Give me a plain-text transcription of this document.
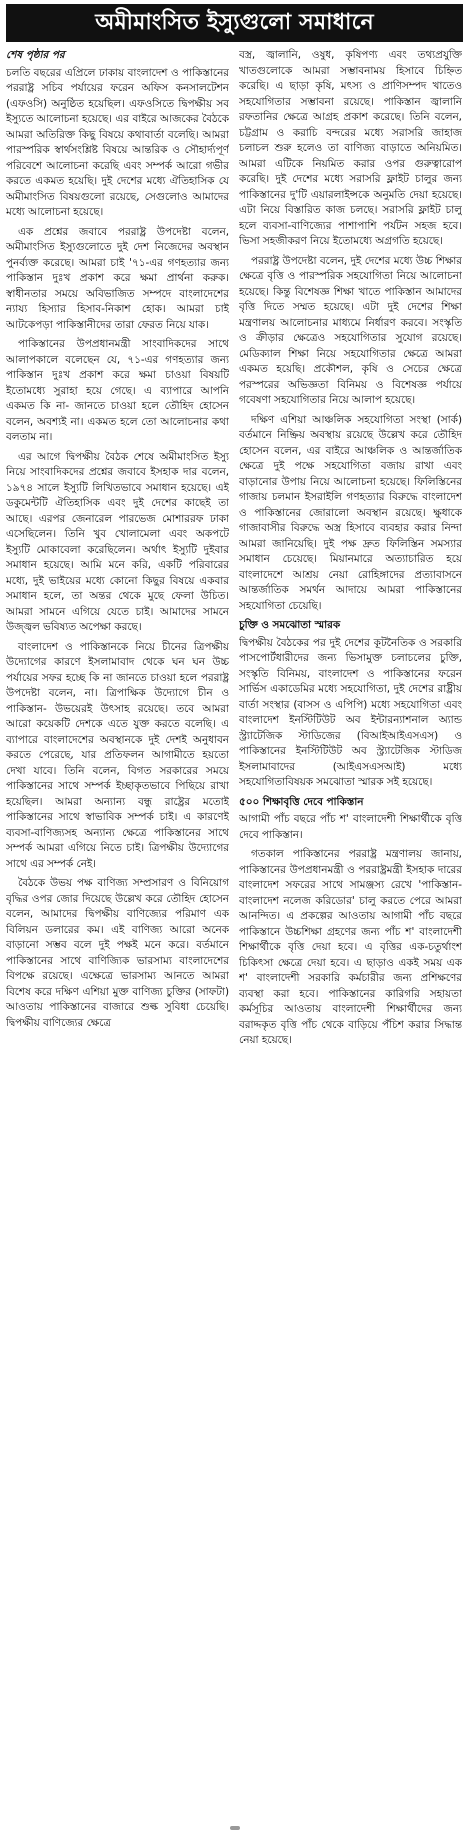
অমীমাংসিত ইস্যুগুলো সমাধানে
শেষ পৃষ্ঠার পর

চলতি বছরের এপ্রিলে ঢাকায় বাংলাদেশ ও পাকিস্তানের পররাষ্ট্র সচিব পর্যায়ের ফরেন অফিস কনসালটেশন (এফওসি) অনুষ্ঠিত হয়েছিল। এফওসিতে দ্বিপক্ষীয় সব ইস্যুতে আলোচনা হয়েছে। এর বাইরে আজকের বৈঠকে আমরা অতিরিক্ত কিছু বিষয়ে কথাবার্তা বলেছি। আমরা পারস্পরিক স্বার্থসংশ্লিষ্ট বিষয়ে আন্তরিক ও সৌহার্দ্যপূর্ণ পরিবেশে আলোচনা করেছি এবং সম্পর্ক আরো গভীর করতে একমত হয়েছি। দুই দেশের মধ্যে ঐতিহাসিক যে অমীমাংসিত বিষয়গুলো রয়েছে, সেগুলোও আমাদের মধ্যে আলোচনা হয়েছে।

এক প্রশ্নের জবাবে পররাষ্ট্র উপদেষ্টা বলেন, অমীমাংসিত ইস্যুগুলোতে দুই দেশ নিজেদের অবস্থান পুনর্ব্যক্ত করেছে। আমরা চাই '৭১-এর গণহত্যার জন্য পাকিস্তান দুঃখ প্রকাশ করে ক্ষমা প্রার্থনা করুক। স্বাধীনতার সময়ে অবিভাজিত সম্পদে বাংলাদেশের ন্যায্য হিস্যার হিসাব-নিকাশ হোক। আমরা চাই আটকেপড়া পাকিস্তানীদের তারা ফেরত নিয়ে যাক।

পাকিস্তানের উপপ্রধানমন্ত্রী সাংবাদিকদের সাথে আলাপকালে বলেছেন যে, ৭১-এর গণহত্যার জন্য পাকিস্তান দুঃখ প্রকাশ করে ক্ষমা চাওয়া বিষয়টি ইতোমধ্যে সুরাহা হয়ে গেছে। এ ব্যাপারে আপনি একমত কি না- জানতে চাওয়া হলে তৌহিদ হোসেন বলেন, অবশ্যই না। একমত হলে তো আলোচনার কথা বলতাম না।

এর আগে দ্বিপক্ষীয় বৈঠক শেষে অমীমাংসিত ইস্যু নিয়ে সাংবাদিকদের প্রশ্নের জবাবে ইসহাক দার বলেন, ১৯৭৪ সালে ইস্যুটি লিখিতভাবে সমাধান হয়েছে। এই ডকুমেন্টটি ঐতিহাসিক এবং দুই দেশের কাছেই তা আছে। এরপর জেনারেল পারভেজ মোশাররফ ঢাকা এসেছিলেন। তিনি খুব খোলামেলা এবং অকপটে ইস্যুটি মোকাবেলা করেছিলেন। অর্থাৎ ইস্যুটি দুইবার সমাধান হয়েছে। আমি মনে করি, একটি পরিবারের মধ্যে, দুই ভাইয়ের মধ্যে কোনো কিছুর বিষয়ে একবার সমাধান হলে, তা অন্তর থেকে মুছে ফেলা উচিত। আমরা সামনে এগিয়ে যেতে চাই। আমাদের সামনে উজ্জ্বল ভবিষ্যত অপেক্ষা করছে।

বাংলাদেশ ও পাকিস্তানকে নিয়ে চীনের ত্রিপক্ষীয় উদ্যোগের কারণে ইসলামাবাদ থেকে ঘন ঘন উচ্চ পর্যায়ের সফর হচ্ছে কি না জানতে চাওয়া হলে পররাষ্ট্র উপদেষ্টা বলেন, না। ত্রিপাক্ষিক উদ্যোগে চীন ও পাকিস্তান- উভয়েরই উৎসাহ রয়েছে। তবে আমরা আরো কয়েকটি দেশকে এতে যুক্ত করতে বলেছি। এ ব্যাপারে বাংলাদেশের অবস্থানকে দুই দেশই অনুধাবন করতে পেরেছে, যার প্রতিফলন আগামীতে হয়তো দেখা যাবে। তিনি বলেন, বিগত সরকারের সময়ে পাকিস্তানের সাথে সম্পর্ক ইচ্ছাকৃতভাবে পিছিয়ে রাখা হয়েছিল। আমরা অন্যান্য বন্ধু রাষ্ট্রের মতোই পাকিস্তানের সাথে স্বাভাবিক সম্পর্ক চাই। এ কারণেই ব্যবসা-বাণিজ্যসহ অন্যান্য ক্ষেত্রে পাকিস্তানের সাথে সম্পর্ক আমরা এগিয়ে নিতে চাই। ত্রিপক্ষীয় উদ্যোগের সাথে এর সম্পর্ক নেই।

বৈঠকে উভয় পক্ষ বাণিজ্য সম্প্রসারণ ও বিনিয়োগ বৃদ্ধির ওপর জোর দিয়েছে উল্লেখ করে তৌহিদ হোসেন বলেন, আমাদের দ্বিপক্ষীয় বাণিজ্যের পরিমাণ এক বিলিয়ন ডলারের কম। এই বাণিজ্য আরো অনেক বাড়ানো সম্ভব বলে দুই পক্ষই মনে করে। বর্তমানে পাকিস্তানের সাথে বাণিজ্যিক ভারসাম্য বাংলাদেশের বিপক্ষে রয়েছে। এক্ষেত্রে ভারসাম্য আনতে আমরা বিশেষ করে দক্ষিণ এশিয়া মুক্ত বাণিজ্য চুক্তির (সাফটা) আওতায় পাকিস্তানের বাজারে শুল্ক সুবিধা চেয়েছি। দ্বিপক্ষীয় বাণিজ্যের ক্ষেত্রে

বস্ত্র, জ্বালানি, ওষুধ, কৃষিপণ্য এবং তথ্যপ্রযুক্তি খাতগুলোকে আমরা সম্ভাবনাময় হিসাবে চিহ্নিত করেছি। এ ছাড়া কৃষি, মৎস্য ও প্রাণিসম্পদ খাতেও সহযোগিতার সম্ভাবনা রয়েছে। পাকিস্তান জ্বালানি রফতানির ক্ষেত্রে আগ্রহ প্রকাশ করেছে। তিনি বলেন, চট্টগ্রাম ও করাচি বন্দরের মধ্যে সরাসরি জাহাজ চলাচল শুরু হলেও তা বাণিজ্য বাড়াতে অনিয়মিত। আমরা এটিকে নিয়মিত করার ওপর গুরুত্বারোপ করেছি। দুই দেশের মধ্যে সরাসরি ফ্লাইট চালুর জন্য পাকিস্তানের দু'টি এয়ারলাইন্সকে অনুমতি দেয়া হয়েছে। এটা নিয়ে বিস্তারিত কাজ চলছে। সরাসরি ফ্লাইট চালু হলে ব্যবসা-বাণিজ্যের পাশাপাশি পর্যটন সহজ হবে। ভিসা সহজীকরণ নিয়ে ইতোমধ্যে অগ্রগতি হয়েছে।

পররাষ্ট্র উপদেষ্টা বলেন, দুই দেশের মধ্যে উচ্চ শিক্ষার ক্ষেত্রে বৃত্তি ও পারস্পরিক সহযোগিতা নিয়ে আলোচনা হয়েছে। কিন্তু বিশেষজ্ঞ শিক্ষা খাতে পাকিস্তান আমাদের বৃত্তি দিতে সম্মত হয়েছে। এটা দুই দেশের শিক্ষা মন্ত্রণালয় আলোচনার মাধ্যমে নির্ধারণ করবে। সংস্কৃতি ও ক্রীড়ার ক্ষেত্রেও সহযোগিতার সুযোগ রয়েছে। মেডিক্যাল শিক্ষা নিয়ে সহযোগিতার ক্ষেত্রে আমরা একমত হয়েছি। প্রকৌশল, কৃষি ও সেচের ক্ষেত্রে পরস্পরের অভিজ্ঞতা বিনিময় ও বিশেষজ্ঞ পর্যায়ে গবেষণা সহযোগিতার নিয়ে আলাপ হয়েছে।

দক্ষিণ এশিয়া আঞ্চলিক সহযোগিতা সংস্থা (সার্ক) বর্তমানে নিষ্ক্রিয় অবস্থায় রয়েছে উল্লেখ করে তৌহিদ হোসেন বলেন, এর বাইরে আঞ্চলিক ও আন্তর্জাতিক ক্ষেত্রে দুই পক্ষে সহযোগিতা বজায় রাখা এবং বাড়ানোর উপায় নিয়ে আলোচনা হয়েছে। ফিলিস্তিনের গাজায় চলমান ইসরাইলি গণহত্যার বিরুদ্ধে বাংলাদেশ ও পাকিস্তানের জোরালো অবস্থান রয়েছে। ক্ষুধাকে গাজাবাসীর বিরুদ্ধে অস্ত্র হিসাবে ব্যবহার করার নিন্দা আমরা জানিয়েছি। দুই পক্ষ দ্রুত ফিলিস্তিন সমস্যার সমাধান চেয়েছে। মিয়ানমারে অত্যাচারিত হয়ে বাংলাদেশে আশ্রয় নেয়া রোহিঙ্গাদের প্রত্যাবাসনে আন্তর্জাতিক সমর্থন আদায়ে আমরা পাকিস্তানের সহযোগিতা চেয়েছি।

চুক্তি ও সমঝোতা স্মারক
দ্বিপক্ষীয় বৈঠকের পর দুই দেশের কূটনৈতিক ও সরকারি পাসপোর্টধারীদের জন্য ভিসামুক্ত চলাচলের চুক্তি, সংস্কৃতি বিনিময়, বাংলাদেশ ও পাকিস্তানের ফরেন সার্ভিস একাডেমির মধ্যে সহযোগিতা, দুই দেশের রাষ্ট্রীয় বার্তা সংস্থার (বাসস ও এপিপি) মধ্যে সহযোগিতা এবং বাংলাদেশ ইনস্টিটিউট অব ইন্টারন্যাশনাল অ্যান্ড স্ট্র্যাটেজিক স্টাডিজের (বিআইআইএসএস) ও পাকিস্তানের ইনস্টিটিউট অব স্ট্র্যাটেজিক স্টাডিজ ইসলামাবাদের (আইএসএসআই) মধ্যে সহযোগিতাবিষয়ক সমঝোতা স্মারক সই হয়েছে।

৫০০ শিক্ষাবৃত্তি দেবে পাকিস্তান
আগামী পাঁচ বছরে পাঁচ শ' বাংলাদেশী শিক্ষার্থীকে বৃত্তি দেবে পাকিস্তান।

গতকাল পাকিস্তানের পররাষ্ট্র মন্ত্রণালয় জানায়, পাকিস্তানের উপপ্রধানমন্ত্রী ও পররাষ্ট্রমন্ত্রী ইসহাক দারের বাংলাদেশ সফরের সাথে সামঞ্জস্য রেখে 'পাকিস্তান-বাংলাদেশ নলেজ করিডোর' চালু করতে পেরে আমরা আনন্দিত। এ প্রকল্পের আওতায় আগামী পাঁচ বছরে পাকিস্তানে উচ্চশিক্ষা গ্রহণের জন্য পাঁচ শ' বাংলাদেশী শিক্ষার্থীকে বৃত্তি দেয়া হবে। এ বৃত্তির এক-চতুর্থাংশ চিকিৎসা ক্ষেত্রে দেয়া হবে। এ ছাড়াও একই সময় এক শ' বাংলাদেশী সরকারি কর্মচারীর জন্য প্রশিক্ষণের ব্যবস্থা করা হবে। পাকিস্তানের কারিগরি সহায়তা কর্মসূচির আওতায় বাংলাদেশী শিক্ষার্থীদের জন্য বরাদ্দকৃত বৃত্তি পাঁচ থেকে বাড়িয়ে পঁচিশ করার সিদ্ধান্ত নেয়া হয়েছে।
